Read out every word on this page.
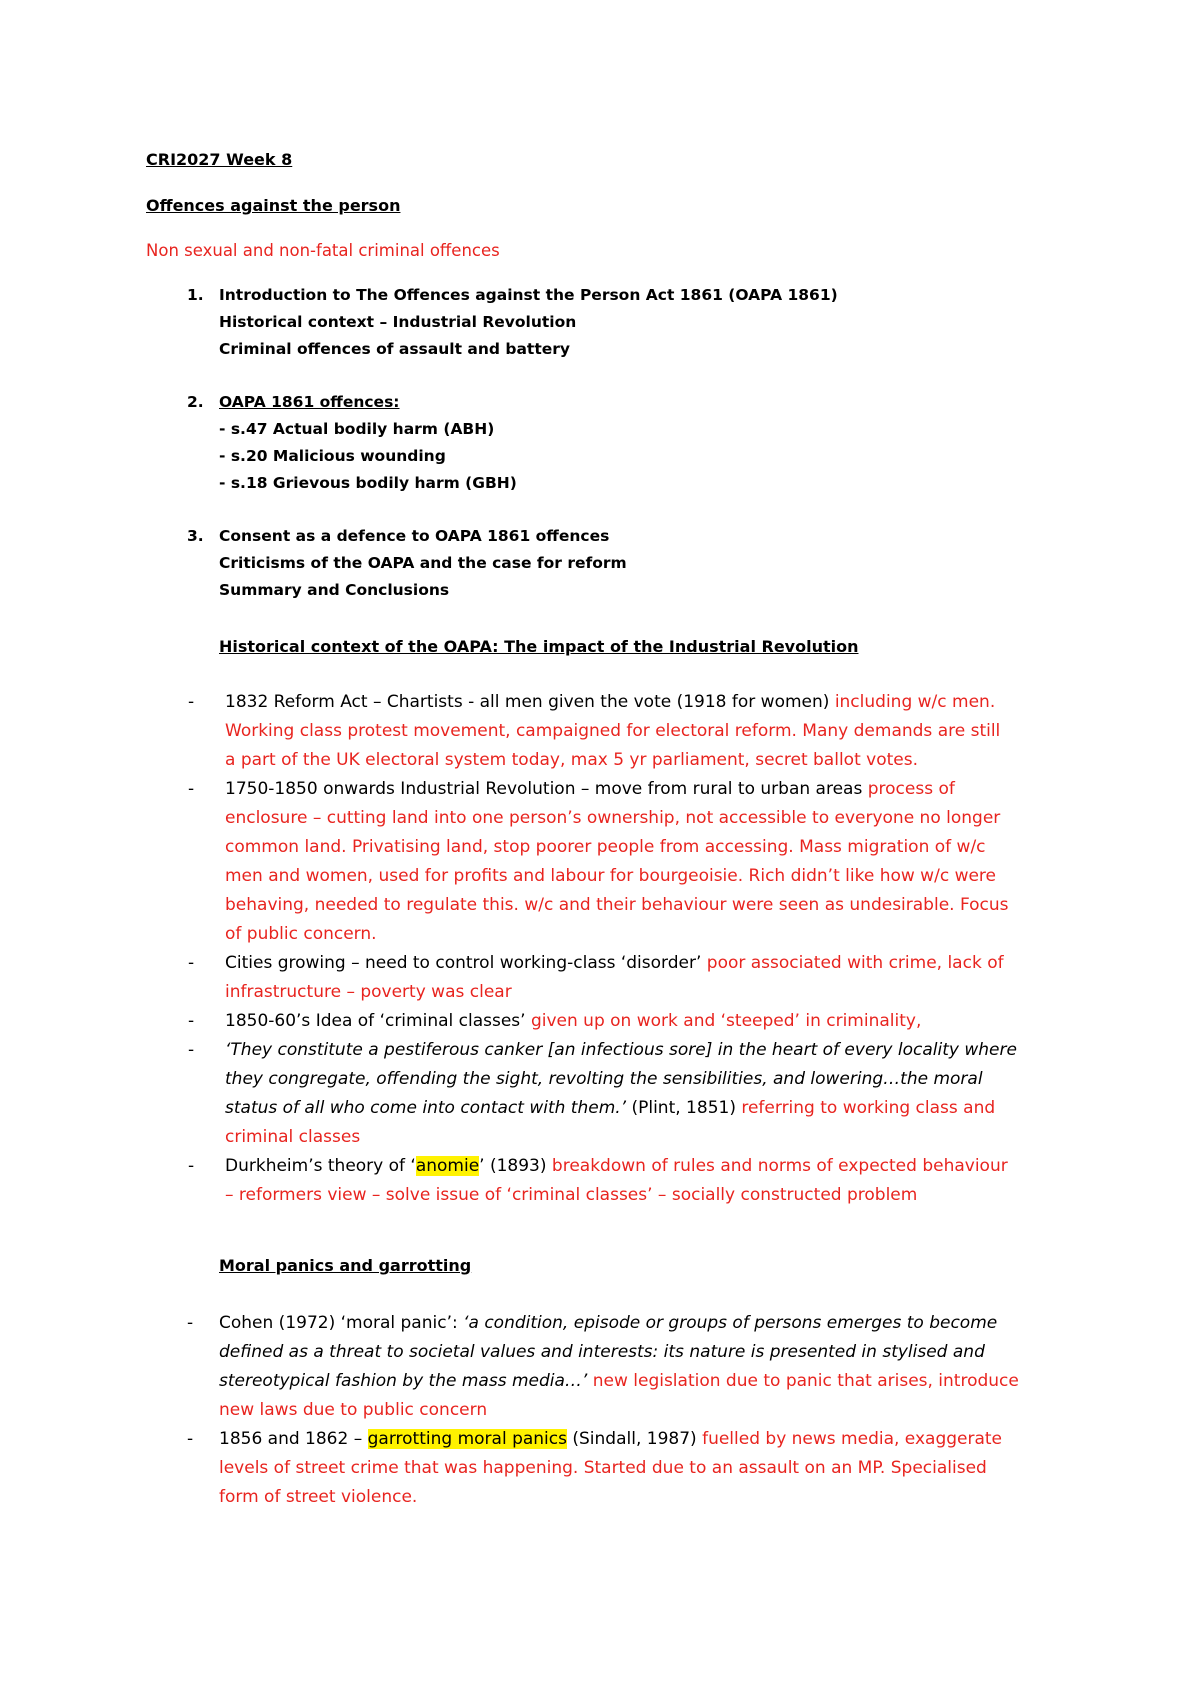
CRI2027 Week 8
Offences against the person
Non sexual and non-fatal criminal offences
1. Introduction to The Offences against the Person Act 1861 (OAPA 1861)
Historical context – Industrial Revolution
Criminal offences of assault and battery
2. OAPA 1861 offences:
- s.47 Actual bodily harm (ABH)
- s.20 Malicious wounding
- s.18 Grievous bodily harm (GBH)
3. Consent as a defence to OAPA 1861 offences
Criticisms of the OAPA and the case for reform
Summary and Conclusions
Historical context of the OAPA: The impact of the Industrial Revolution
- 1832 Reform Act – Chartists - all men given the vote (1918 for women) including w/c men.
Working class protest movement, campaigned for electoral reform. Many demands are still
a part of the UK electoral system today, max 5 yr parliament, secret ballot votes.
- 1750-1850 onwards Industrial Revolution – move from rural to urban areas process of
enclosure – cutting land into one person’s ownership, not accessible to everyone no longer
common land. Privatising land, stop poorer people from accessing. Mass migration of w/c
men and women, used for profits and labour for bourgeoisie. Rich didn’t like how w/c were
behaving, needed to regulate this. w/c and their behaviour were seen as undesirable. Focus
of public concern.
- Cities growing – need to control working-class ‘disorder’ poor associated with crime, lack of
infrastructure – poverty was clear
- 1850-60’s Idea of ‘criminal classes’ given up on work and ‘steeped’ in criminality,
- ‘They constitute a pestiferous canker [an infectious sore] in the heart of every locality where
they congregate, offending the sight, revolting the sensibilities, and lowering…the moral
status of all who come into contact with them.’ (Plint, 1851) referring to working class and
criminal classes
- Durkheim’s theory of ‘anomie’ (1893) breakdown of rules and norms of expected behaviour
– reformers view – solve issue of ‘criminal classes’ – socially constructed problem
Moral panics and garrotting
- Cohen (1972) ‘moral panic’: ‘a condition, episode or groups of persons emerges to become
defined as a threat to societal values and interests: its nature is presented in stylised and
stereotypical fashion by the mass media…’ new legislation due to panic that arises, introduce
new laws due to public concern
- 1856 and 1862 – garrotting moral panics (Sindall, 1987) fuelled by news media, exaggerate
levels of street crime that was happening. Started due to an assault on an MP. Specialised
form of street violence.
